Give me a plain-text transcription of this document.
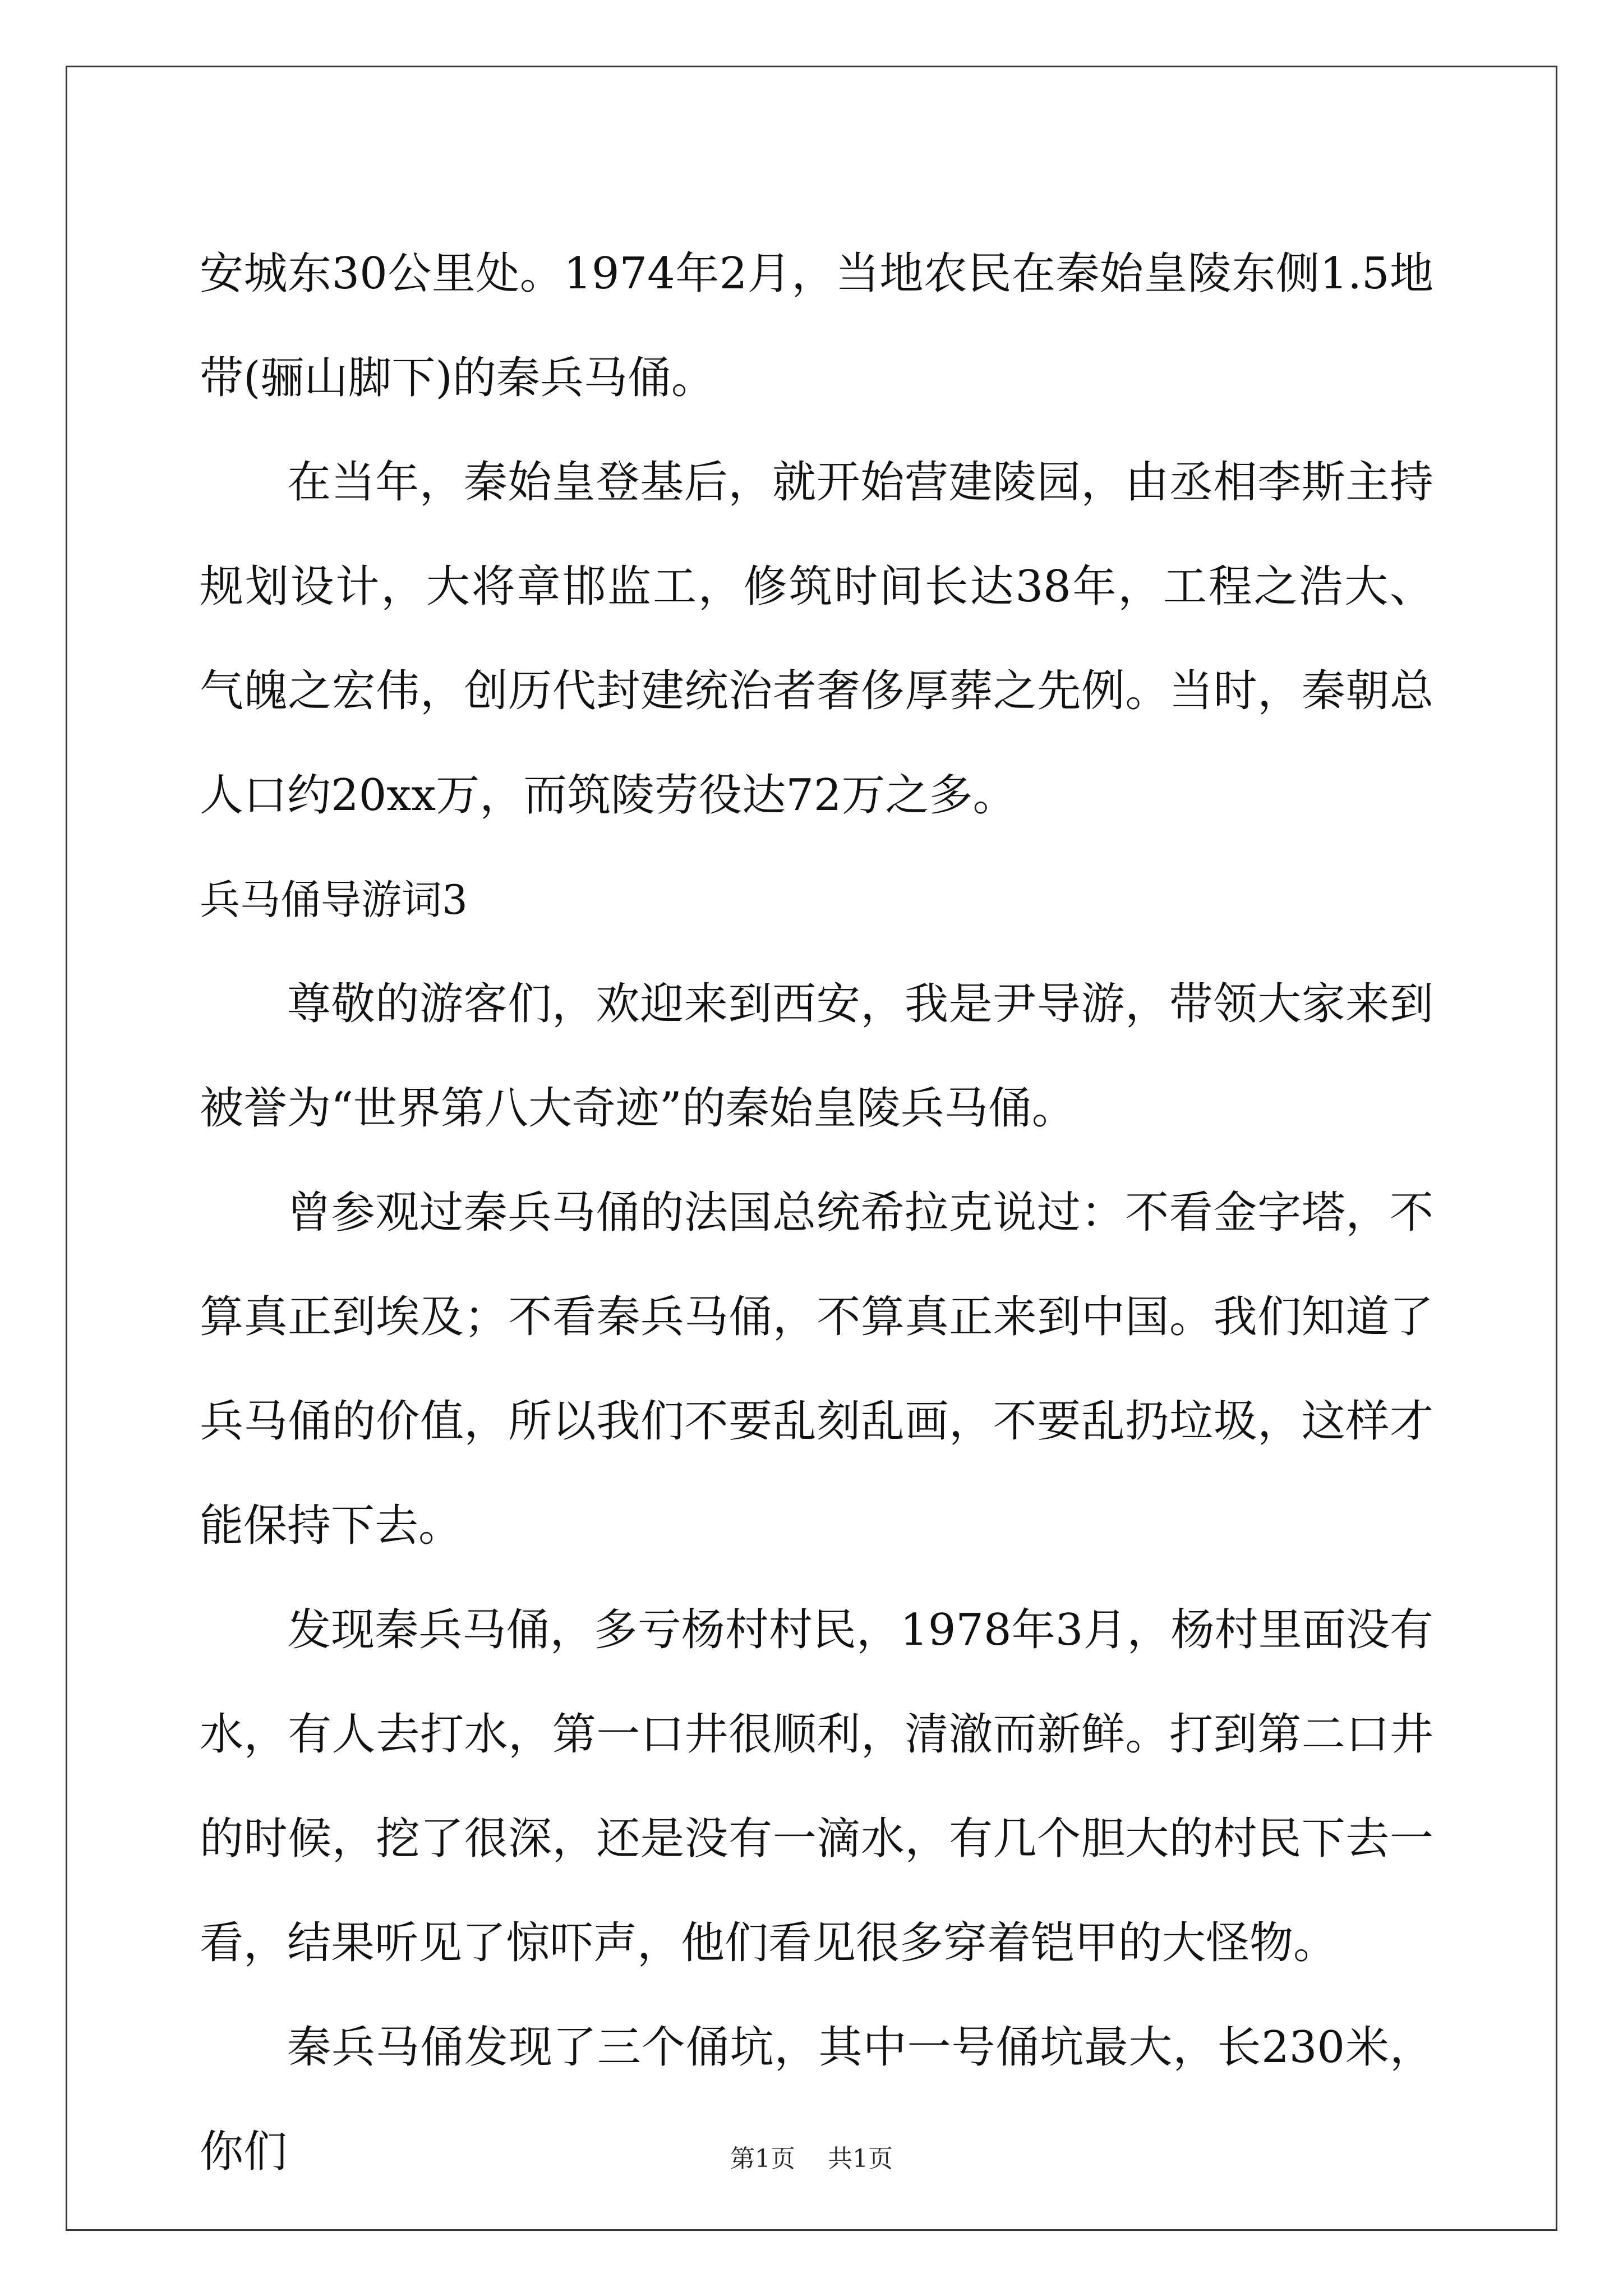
安城东30公里处。1974年2月，当地农民在秦始皇陵东侧1.5地带(骊山脚下)的秦兵马俑。

在当年，秦始皇登基后，就开始营建陵园，由丞相李斯主持规划设计，大将章邯监工，修筑时间长达38年，工程之浩大、气魄之宏伟，创历代封建统治者奢侈厚葬之先例。当时，秦朝总人口约20xx万，而筑陵劳役达72万之多。

兵马俑导游词3

尊敬的游客们，欢迎来到西安，我是尹导游，带领大家来到被誉为“世界第八大奇迹”的秦始皇陵兵马俑。

曾参观过秦兵马俑的法国总统希拉克说过：不看金字塔，不算真正到埃及；不看秦兵马俑，不算真正来到中国。我们知道了兵马俑的价值，所以我们不要乱刻乱画，不要乱扔垃圾，这样才能保持下去。

发现秦兵马俑，多亏杨村村民，1978年3月，杨村里面没有水，有人去打水，第一口井很顺利，清澈而新鲜。打到第二口井的时候，挖了很深，还是没有一滴水，有几个胆大的村民下去一看，结果听见了惊吓声，他们看见很多穿着铠甲的大怪物。

秦兵马俑发现了三个俑坑，其中一号俑坑最大，长230米，你们	第1页 共1页
